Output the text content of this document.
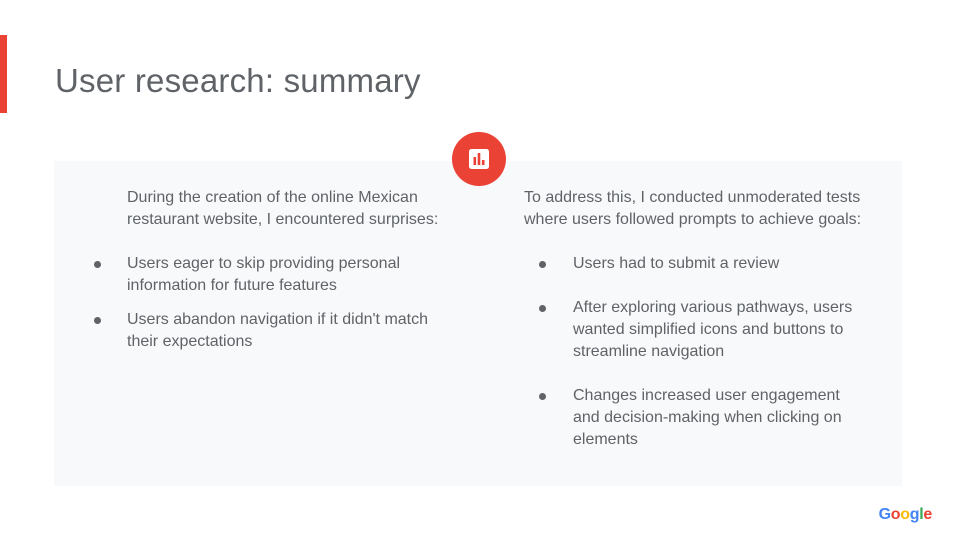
User research: summary

During the creation of the online Mexican restaurant website, I encountered surprises:

Users eager to skip providing personal information for future features
Users abandon navigation if it didn't match their expectations

To address this, I conducted unmoderated tests where users followed prompts to achieve goals:

Users had to submit a review
After exploring various pathways, users wanted simplified icons and buttons to streamline navigation
Changes increased user engagement and decision-making when clicking on elements
Google
